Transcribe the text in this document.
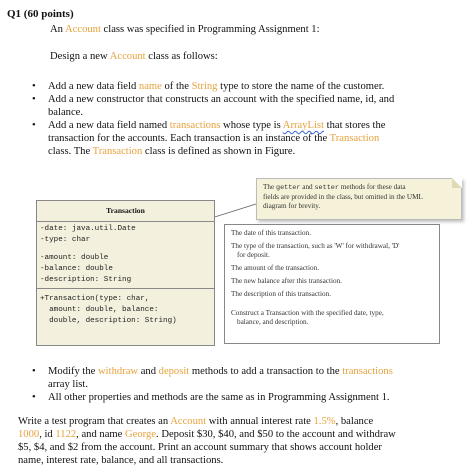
Q1 (60 points)
An Account class was specified in Programming Assignment 1:
Design a new Account class as follows:
• Add a new data field name of the String type to store the name of the customer.
• Add a new constructor that constructs an account with the specified name, id, and
balance.
• Add a new data field named transactions whose type is ArrayList that stores the
transaction for the accounts. Each transaction is an instance of the Transaction
class. The Transaction class is defined as shown in Figure.
Transaction
-date: java.util.Date
-type: char
-amount: double
-balance: double
-description: String
+Transaction(type: char,
amount: double, balance:
double, description: String)
The date of this transaction.
The type of the transaction, such as 'W' for withdrawal, 'D'
for deposit.
The amount of the transaction.
The new balance after this transaction.
The description of this transaction.
Construct a Transaction with the specified date, type,
balance, and description.
The getter and setter methods for these data
fields are provided in the class, but omitted in the UML
diagram for brevity.
• Modify the withdraw and deposit methods to add a transaction to the transactions
array list.
• All other properties and methods are the same as in Programming Assignment 1.
Write a test program that creates an Account with annual interest rate 1.5%, balance
1000, id 1122, and name George. Deposit $30, $40, and $50 to the account and withdraw
$5, $4, and $2 from the account. Print an account summary that shows account holder
name, interest rate, balance, and all transactions.
